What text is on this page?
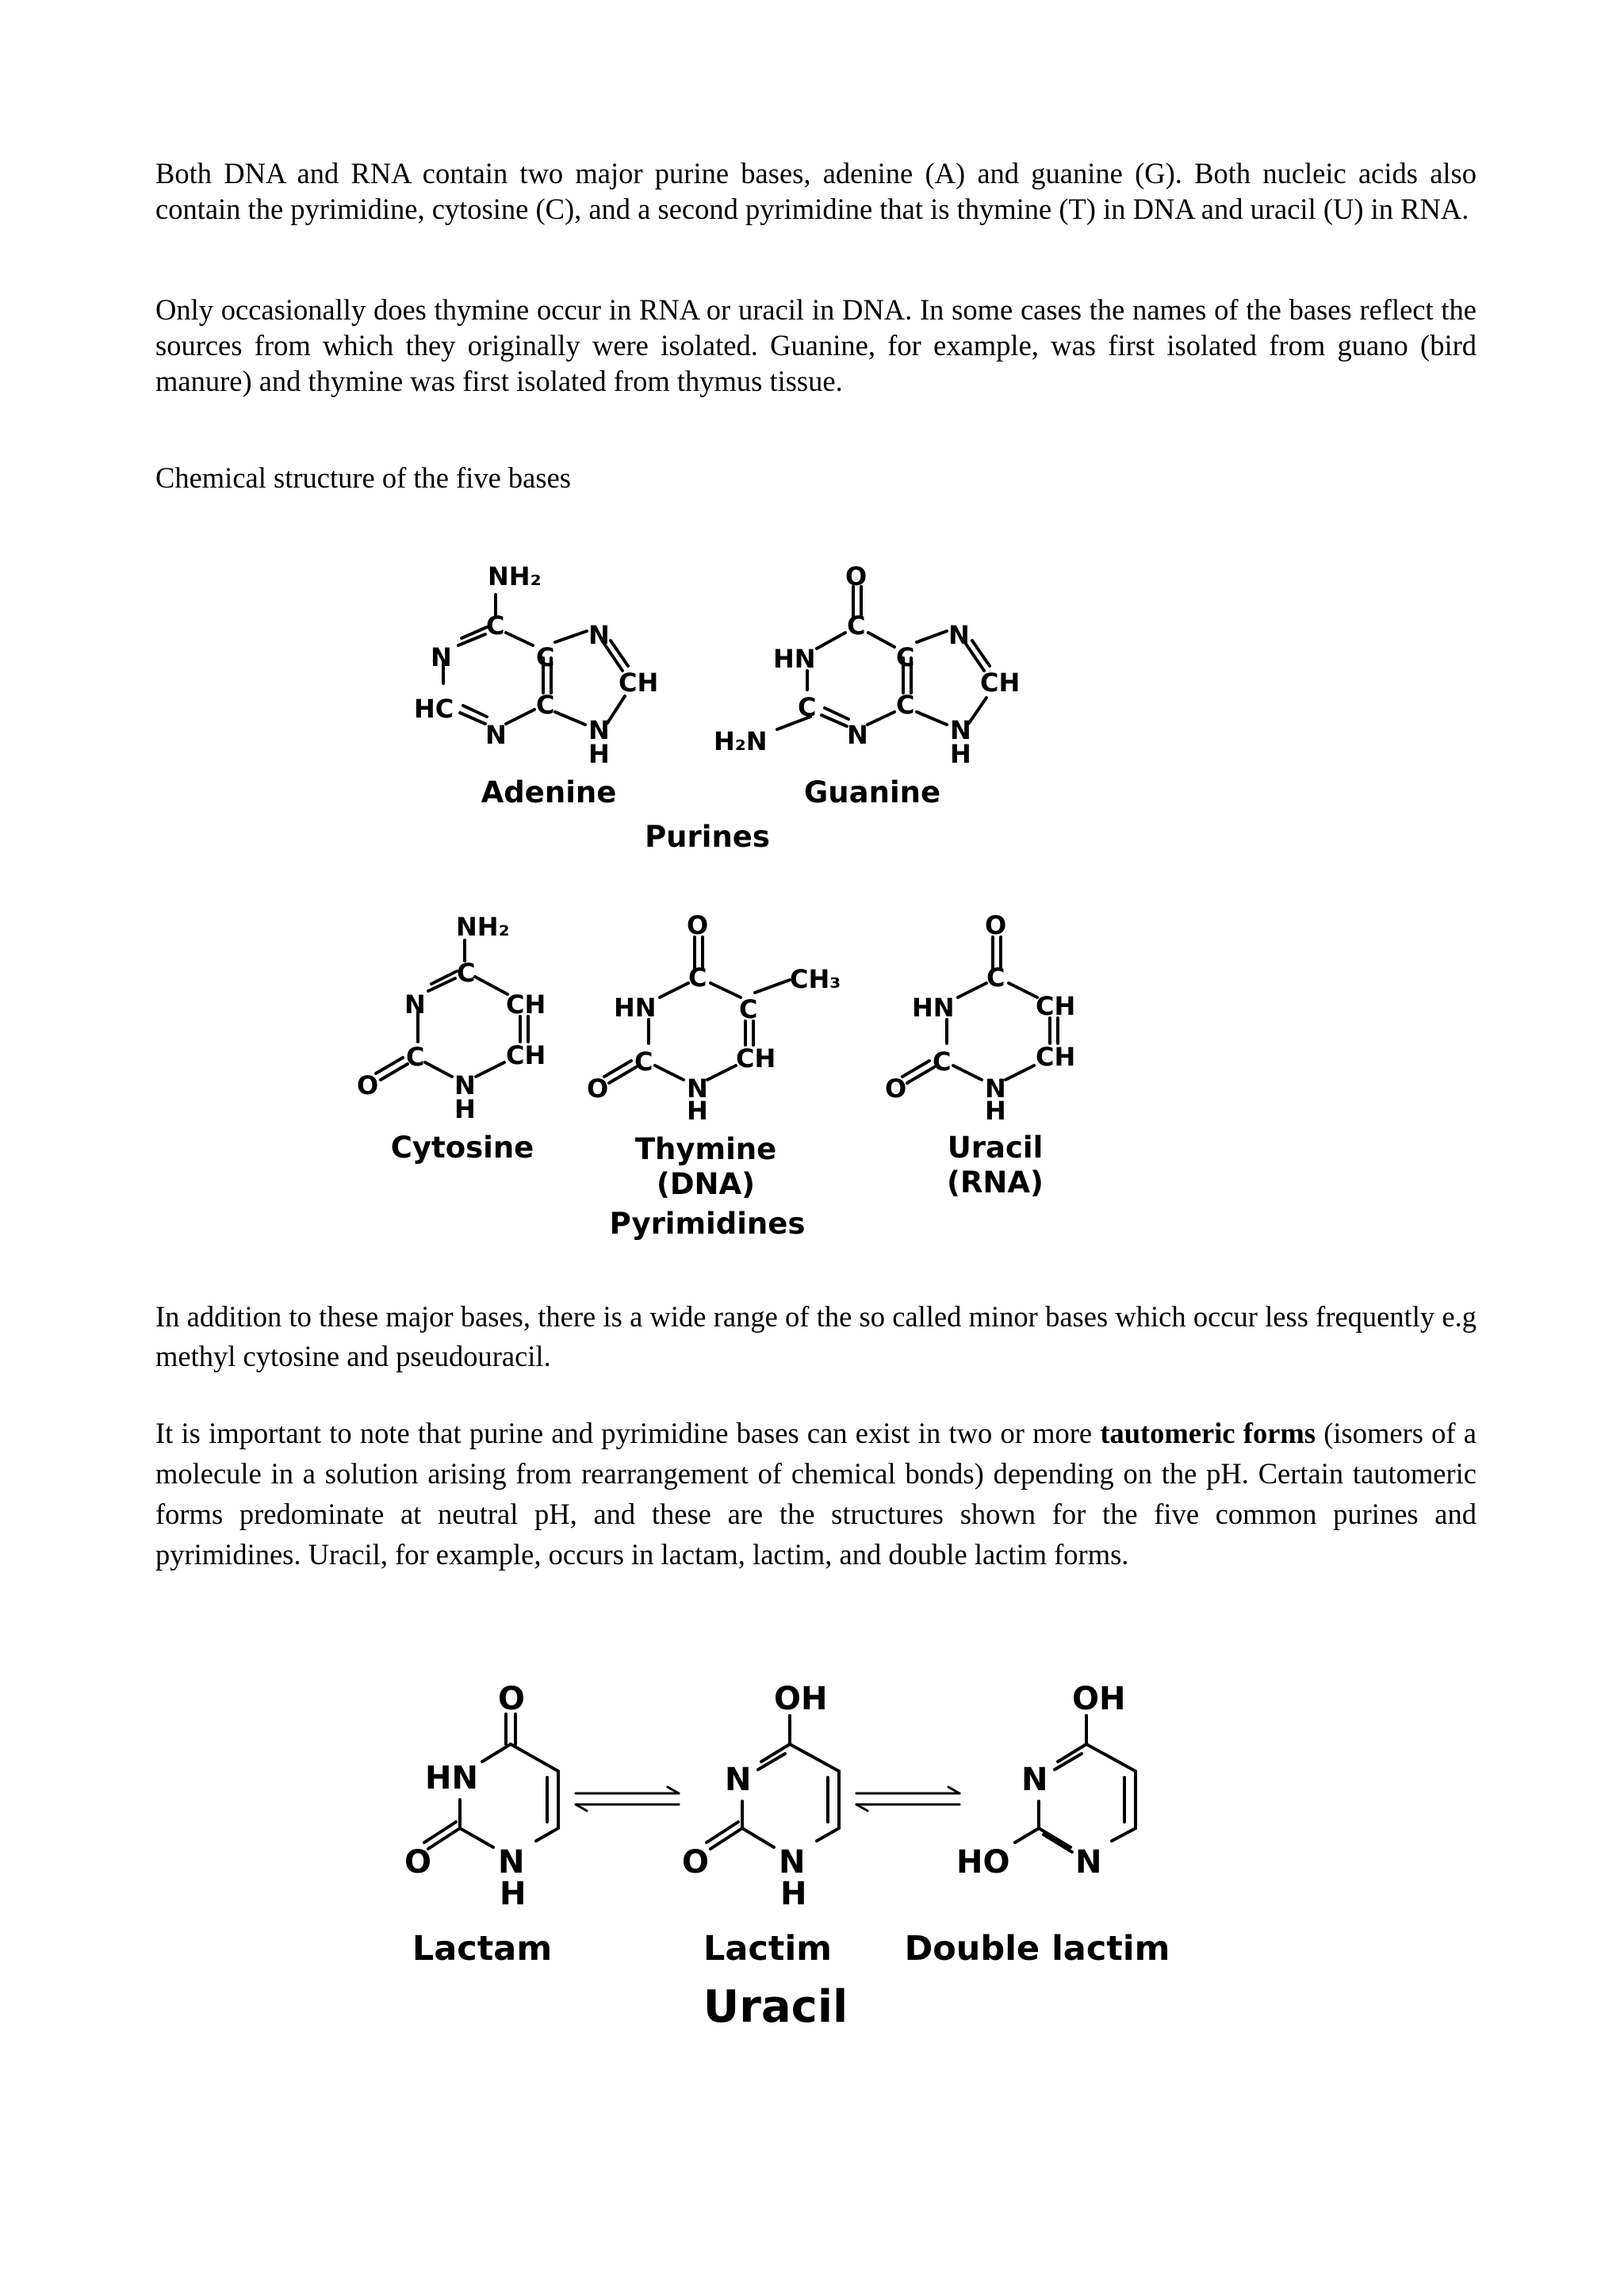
Both DNA and RNA contain two major purine bases, adenine (A) and guanine (G). Both nucleic acids also contain the pyrimidine, cytosine (C), and a second pyrimidine that is thymine (T) in DNA and uracil (U) in RNA.

Only occasionally does thymine occur in RNA or uracil in DNA. In some cases the names of the bases reflect the sources from which they originally were isolated. Guanine, for example, was first isolated from guano (bird manure) and thymine was first isolated from thymus tissue.

Chemical structure of the five bases

NH₂
C
N
HC
N
C
C
N
CH
N
H
Adenine
O
C
HN
C
H₂N	N
C
C
N
CH
N
H
Guanine
Purines
NH₂
C
N	CH
CH
C
O	N
H
Cytosine
O
C	CH₃
HN	C
C	CH
O	N
H
Thymine
(DNA)
Pyrimidines
O
C
HN	CH
C	CH
O	N
H
Uracil
(RNA)

In addition to these major bases, there is a wide range of the so called minor bases which occur less frequently e.g methyl cytosine and pseudouracil.

It is important to note that purine and pyrimidine bases can exist in two or more tautomeric forms (isomers of a molecule in a solution arising from rearrangement of chemical bonds) depending on the pH. Certain tautomeric forms predominate at neutral pH, and these are the structures shown for the five common purines and pyrimidines. Uracil, for example, occurs in lactam, lactim, and double lactim forms.

O
HN
O N
H
Lactam
OH
N
O N
H
Lactim
OH
N
HO N
Double lactim
Uracil
